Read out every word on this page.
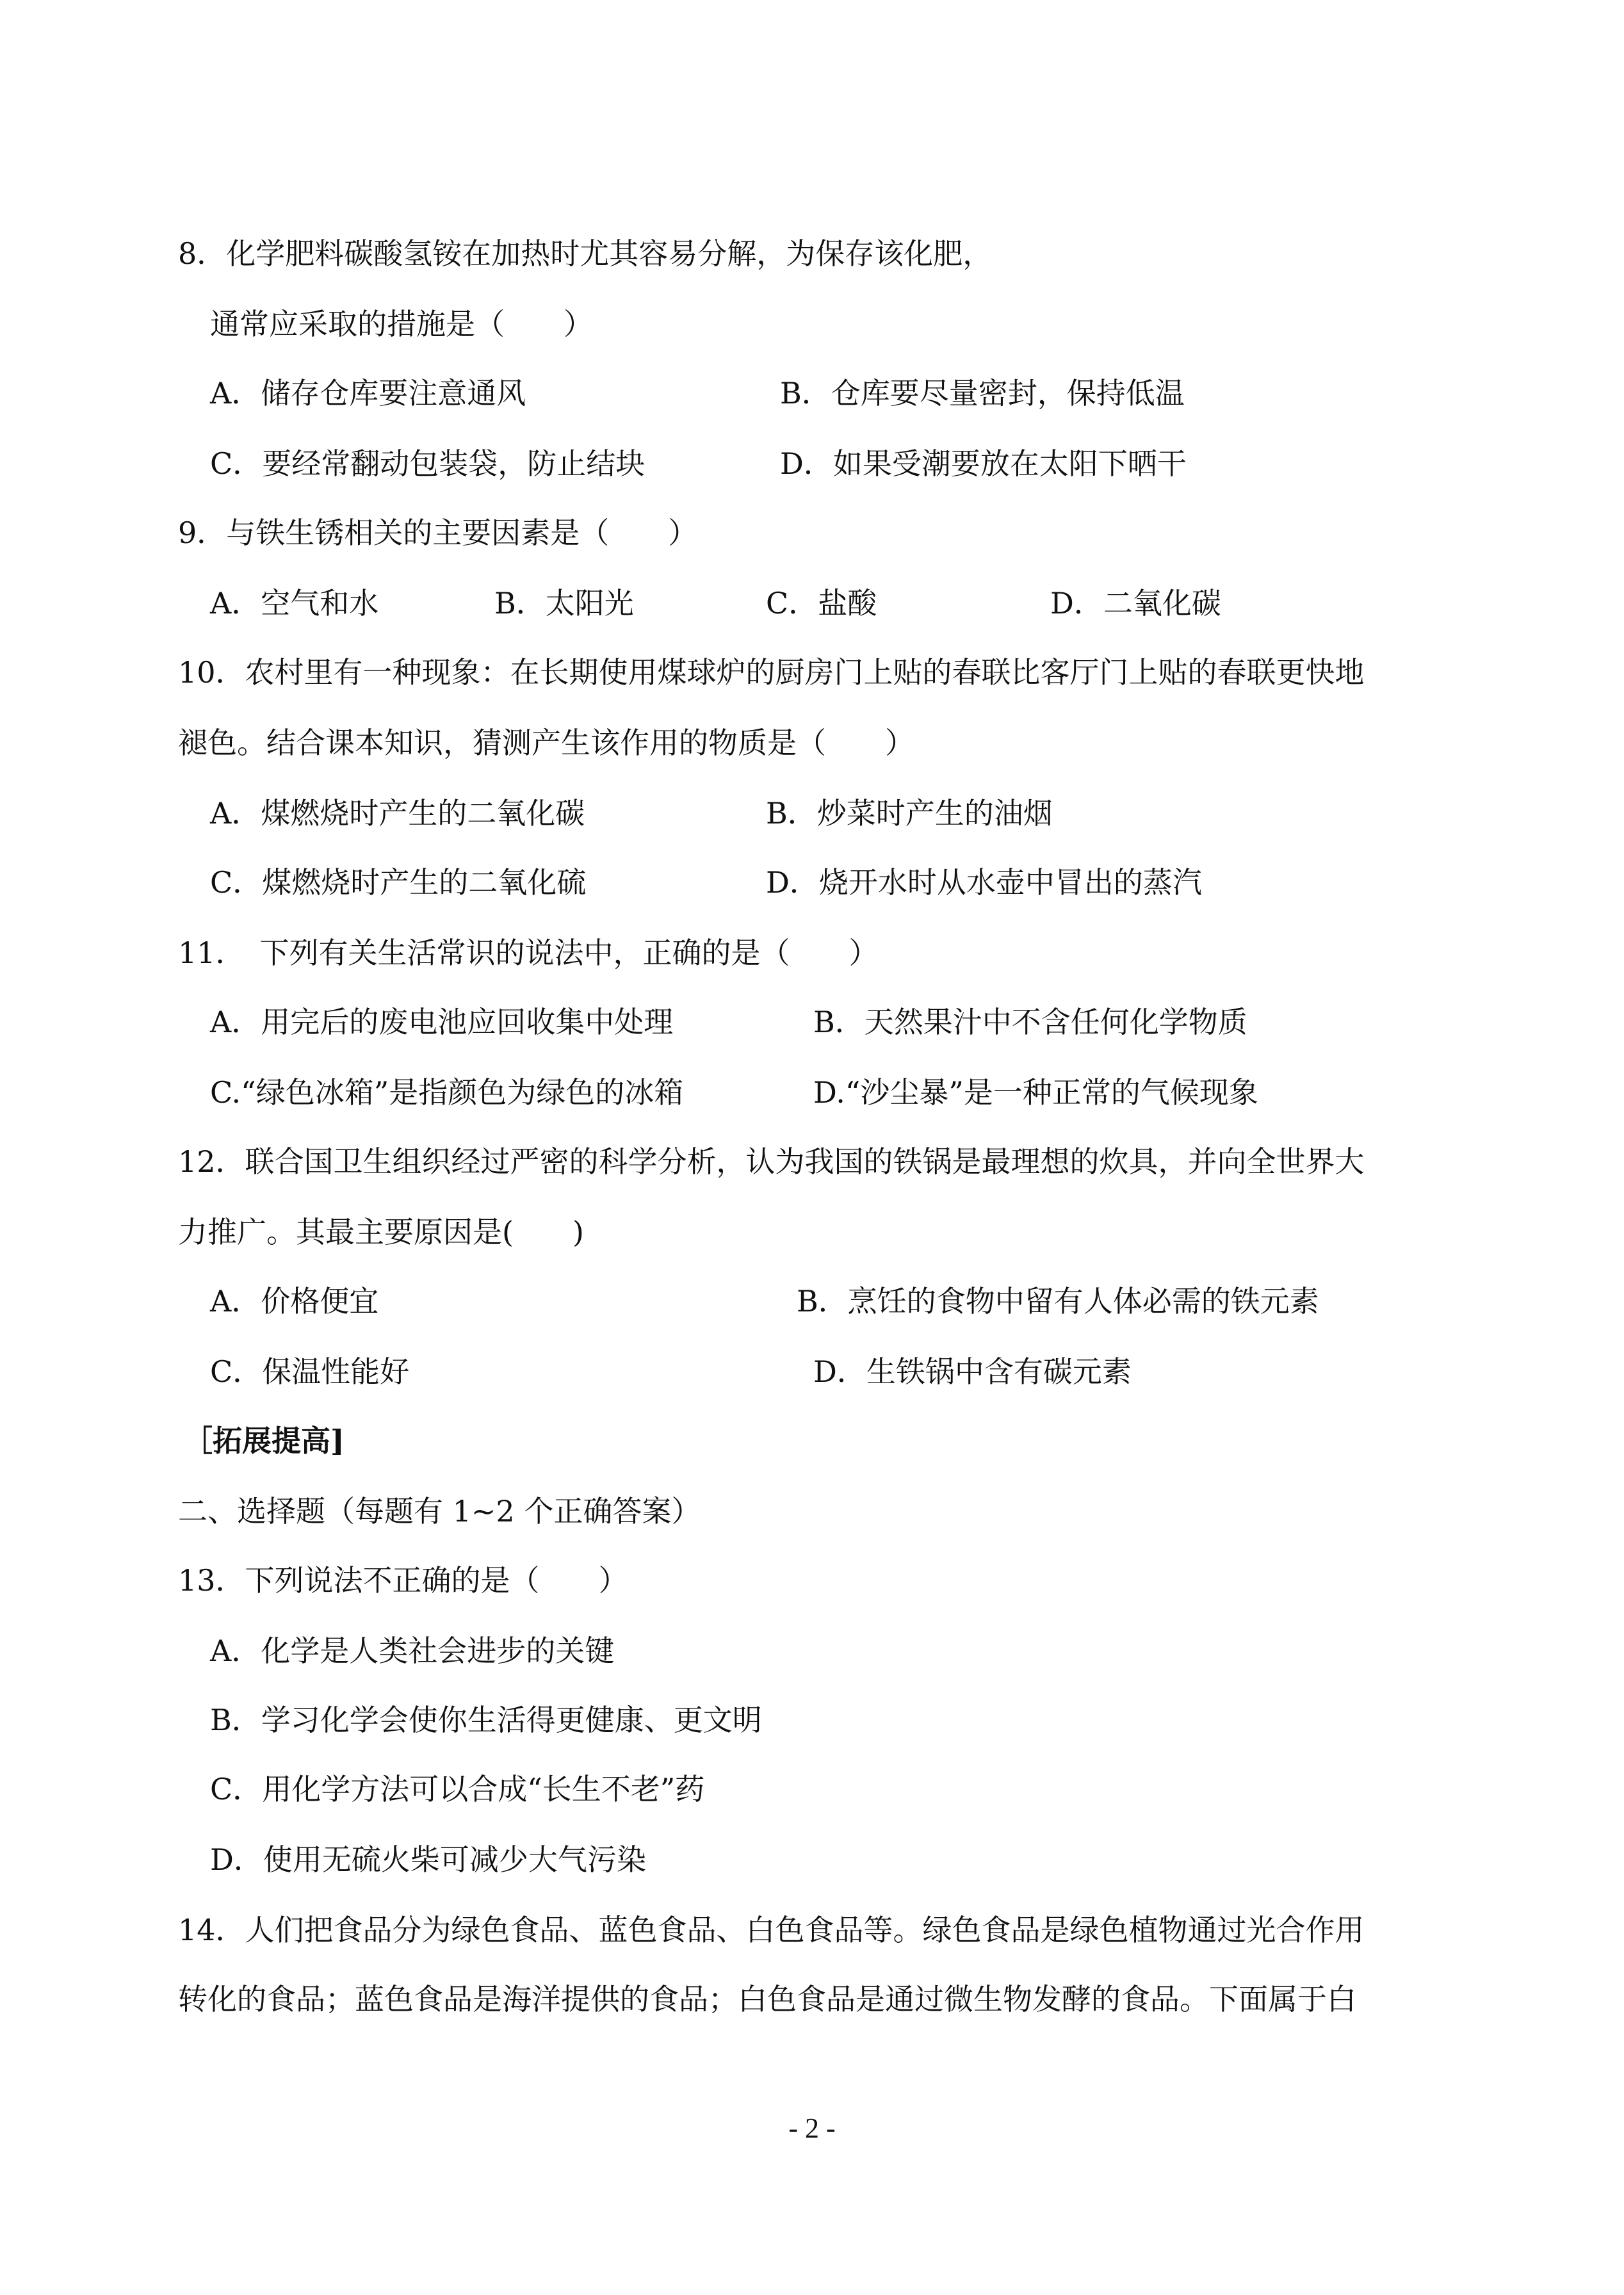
8．化学肥料碳酸氢铵在加热时尤其容易分解，为保存该化肥，
通常应采取的措施是（　　）
A．储存仓库要注意通风	B．仓库要尽量密封，保持低温
C．要经常翻动包装袋，防止结块	D．如果受潮要放在太阳下晒干
9．与铁生锈相关的主要因素是（　　）
A．空气和水	B．太阳光	C．盐酸	D．二氧化碳
10．农村里有一种现象：在长期使用煤球炉的厨房门上贴的春联比客厅门上贴的春联更快地
褪色。结合课本知识，猜测产生该作用的物质是（　　）
A．煤燃烧时产生的二氧化碳	B．炒菜时产生的油烟
C．煤燃烧时产生的二氧化硫	D．烧开水时从水壶中冒出的蒸汽
11．　下列有关生活常识的说法中，正确的是（　　）
A．用完后的废电池应回收集中处理	B．天然果汁中不含任何化学物质
C.“绿色冰箱”是指颜色为绿色的冰箱	D.“沙尘暴”是一种正常的气候现象
12．联合国卫生组织经过严密的科学分析，认为我国的铁锅是最理想的炊具，并向全世界大
力推广。其最主要原因是(　　)
A．价格便宜	B．烹饪的食物中留有人体必需的铁元素
C．保温性能好	D．生铁锅中含有碳元素
［拓展提高]
二、选择题（每题有 1~2 个正确答案）
13．下列说法不正确的是（　　）
A．化学是人类社会进步的关键
B．学习化学会使你生活得更健康、更文明
C．用化学方法可以合成“长生不老”药
D．使用无硫火柴可减少大气污染
14．人们把食品分为绿色食品、蓝色食品、白色食品等。绿色食品是绿色植物通过光合作用
转化的食品；蓝色食品是海洋提供的食品；白色食品是通过微生物发酵的食品。下面属于白
- 2 -
